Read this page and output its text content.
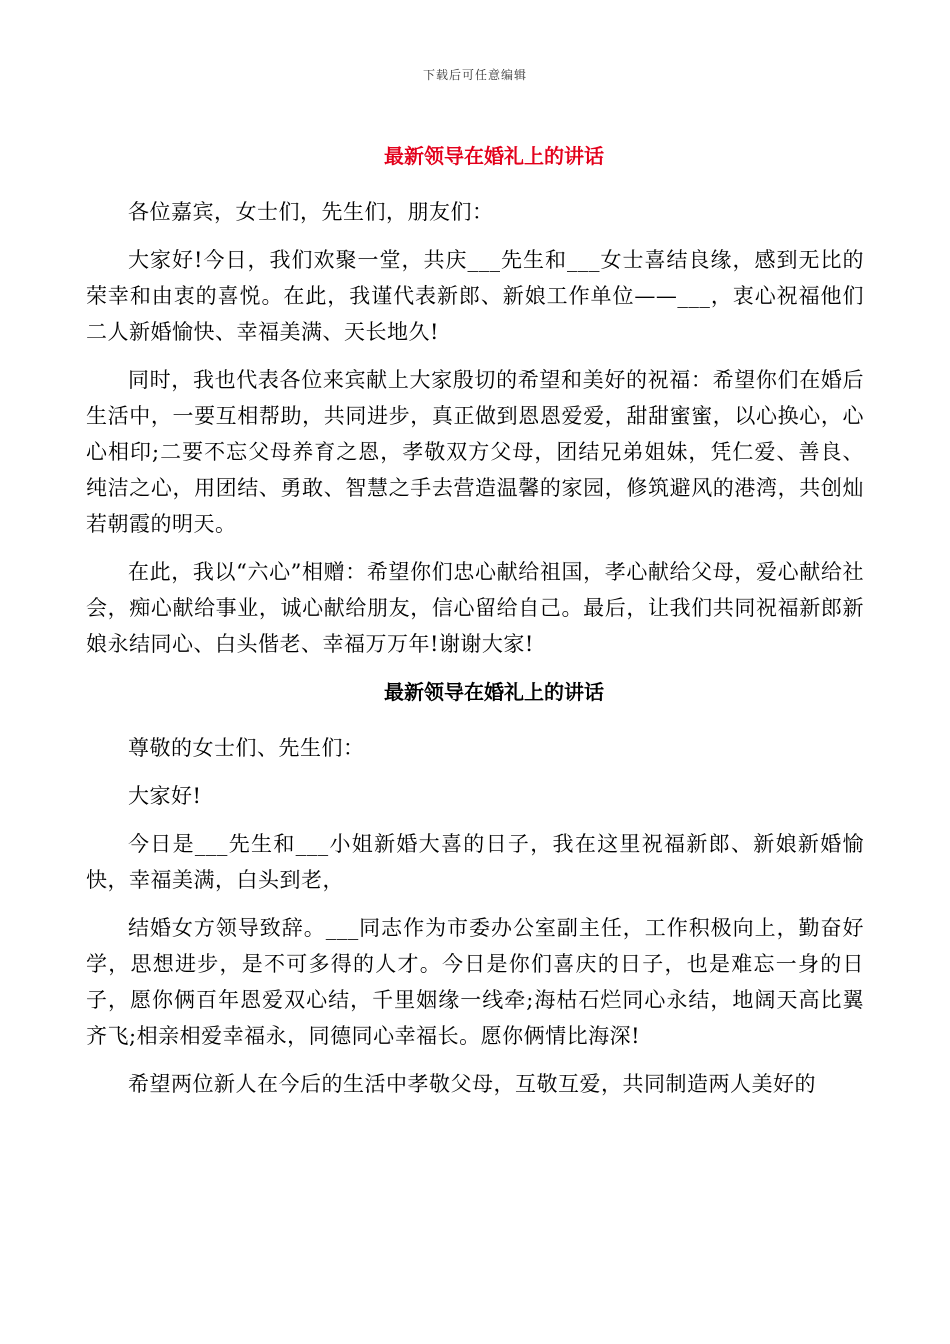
下载后可任意编辑
最新领导在婚礼上的讲话

各位嘉宾，女士们，先生们，朋友们：

大家好!今日，我们欢聚一堂，共庆___先生和___女士喜结良缘，感到无比的荣幸和由衷的喜悦。在此，我谨代表新郎、新娘工作单位——___，衷心祝福他们二人新婚愉快、幸福美满、天长地久!

同时，我也代表各位来宾献上大家殷切的希望和美好的祝福：希望你们在婚后生活中，一要互相帮助，共同进步，真正做到恩恩爱爱，甜甜蜜蜜，以心换心，心心相印;二要不忘父母养育之恩，孝敬双方父母，团结兄弟姐妹，凭仁爱、善良、纯洁之心，用团结、勇敢、智慧之手去营造温馨的家园，修筑避风的港湾，共创灿若朝霞的明天。

在此，我以“六心”相赠：希望你们忠心献给祖国，孝心献给父母，爱心献给社会，痴心献给事业，诚心献给朋友，信心留给自己。最后，让我们共同祝福新郎新娘永结同心、白头偕老、幸福万万年!谢谢大家!

最新领导在婚礼上的讲话

尊敬的女士们、先生们：

大家好!

今日是___先生和___小姐新婚大喜的日子，我在这里祝福新郎、新娘新婚愉快，幸福美满，白头到老，

结婚女方领导致辞。___同志作为市委办公室副主任，工作积极向上，勤奋好学，思想进步，是不可多得的人才。今日是你们喜庆的日子，也是难忘一身的日子，愿你俩百年恩爱双心结，千里姻缘一线牵;海枯石烂同心永结，地阔天高比翼齐飞;相亲相爱幸福永，同德同心幸福长。愿你俩情比海深!

希望两位新人在今后的生活中孝敬父母，互敬互爱，共同制造两人美好的
